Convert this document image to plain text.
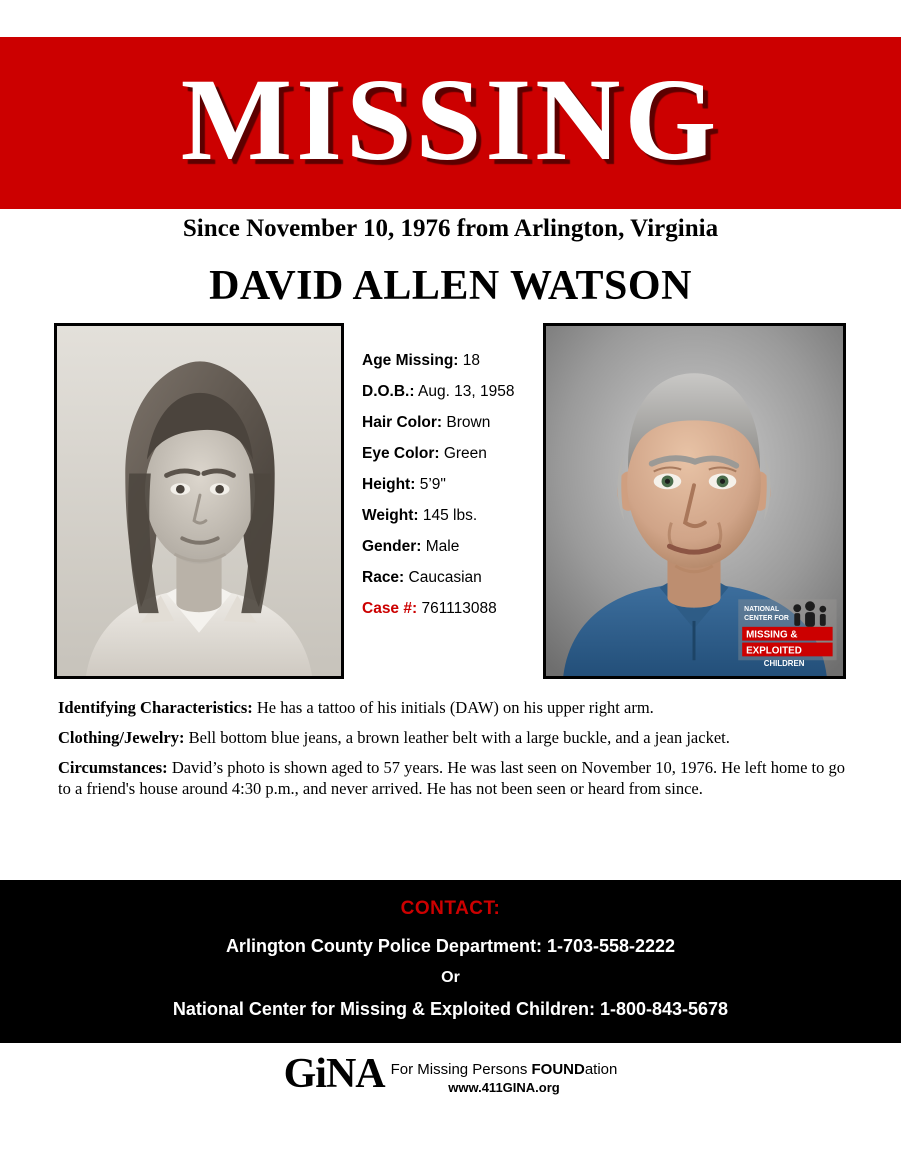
MISSING
Since November 10, 1976 from Arlington, Virginia
DAVID ALLEN WATSON
Age Missing: 18
D.O.B.: Aug. 13, 1958
Hair Color: Brown
Eye Color: Green
Height: 5’9"
Weight: 145 lbs.
Gender: Male
Race: Caucasian
Case #: 761113088	NATIONAL
CENTER FOR
MISSING &
EXPLOITED
CHILDREN
Identifying Characteristics: He has a tattoo of his initials (DAW) on his upper right arm.
Clothing/Jewelry: Bell bottom blue jeans, a brown leather belt with a large buckle, and a jean jacket.
Circumstances: David’s photo is shown aged to 57 years. He was last seen on November 10, 1976. He left home to go to a friend's house around 4:30 p.m., and never arrived. He has not been seen or heard from since.
CONTACT:
Arlington County Police Department: 1-703-558-2222
Or
National Center for Missing & Exploited Children: 1-800-843-5678
GiNA For Missing Persons FOUNDation
www.411GINA.org
